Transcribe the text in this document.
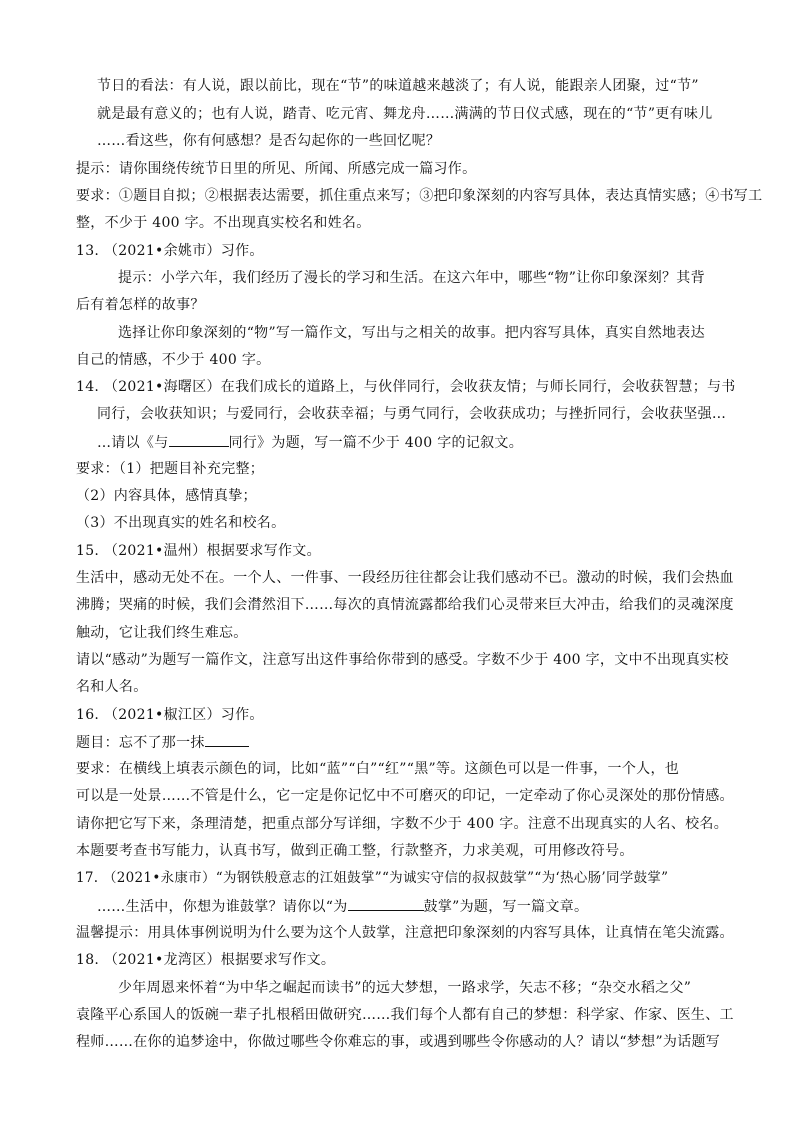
节日的看法：有人说，跟以前比，现在“节”的味道越来越淡了；有人说，能跟亲人团聚，过“节”
就是最有意义的；也有人说，踏青、吃元宵、舞龙舟……满满的节日仪式感，现在的“节”更有味儿
……看这些，你有何感想？是否勾起你的一些回忆呢？
提示：请你围绕传统节日里的所见、所闻、所感完成一篇习作。
要求：①题目自拟；②根据表达需要，抓住重点来写；③把印象深刻的内容写具体，表达真情实感；④书写工
整，不少于 400 字。不出现真实校名和姓名。
13. （2021•余姚市）习作。
提示：小学六年，我们经历了漫长的学习和生活。在这六年中，哪些“物”让你印象深刻？其背
后有着怎样的故事？
选择让你印象深刻的“物”写一篇作文，写出与之相关的故事。把内容写具体，真实自然地表达
自己的情感，不少于 400 字。
14. （2021•海曙区）在我们成长的道路上，与伙伴同行，会收获友情；与师长同行，会收获智慧；与书
同行，会收获知识；与爱同行，会收获幸福；与勇气同行，会收获成功；与挫折同行，会收获坚强…
…请以《与	同行》为题，写一篇不少于 400 字的记叙文。
要求：（1）把题目补充完整；
（2）内容具体，感情真挚；
（3）不出现真实的姓名和校名。
15. （2021•温州）根据要求写作文。
生活中，感动无处不在。一个人、一件事、一段经历往往都会让我们感动不已。激动的时候，我们会热血
沸腾；哭痛的时候，我们会潸然泪下……每次的真情流露都给我们心灵带来巨大冲击，给我们的灵魂深度
触动，它让我们终生难忘。
请以“感动”为题写一篇作文，注意写出这件事给你带到的感受。字数不少于 400 字，文中不出现真实校
名和人名。
16. （2021•椒江区）习作。
题目：忘不了那一抹
要求：在横线上填表示颜色的词，比如“蓝”“白”“红”“黑”等。这颜色可以是一件事，一个人，也
可以是一处景……不管是什么，它一定是你记忆中不可磨灭的印记，一定牵动了你心灵深处的那份情感。
请你把它写下来，条理清楚，把重点部分写详细，字数不少于 400 字。注意不出现真实的人名、校名。
本题要考查书写能力，认真书写，做到正确工整，行款整齐，力求美观，可用修改符号。
17. （2021•永康市）“为钢铁般意志的江姐鼓掌”“为诚实守信的叔叔鼓掌”“为‘热心肠’同学鼓掌”
……生活中，你想为谁鼓掌？请你以“为	鼓掌”为题，写一篇文章。
温馨提示：用具体事例说明为什么要为这个人鼓掌，注意把印象深刻的内容写具体，让真情在笔尖流露。
18. （2021•龙湾区）根据要求写作文。
少年周恩来怀着“为中华之崛起而读书”的远大梦想，一路求学，矢志不移；“杂交水稻之父”
袁隆平心系国人的饭碗一辈子扎根稻田做研究……我们每个人都有自己的梦想：科学家、作家、医生、工
程师……在你的追梦途中，你做过哪些令你难忘的事，或遇到哪些令你感动的人？请以“梦想”为话题写
